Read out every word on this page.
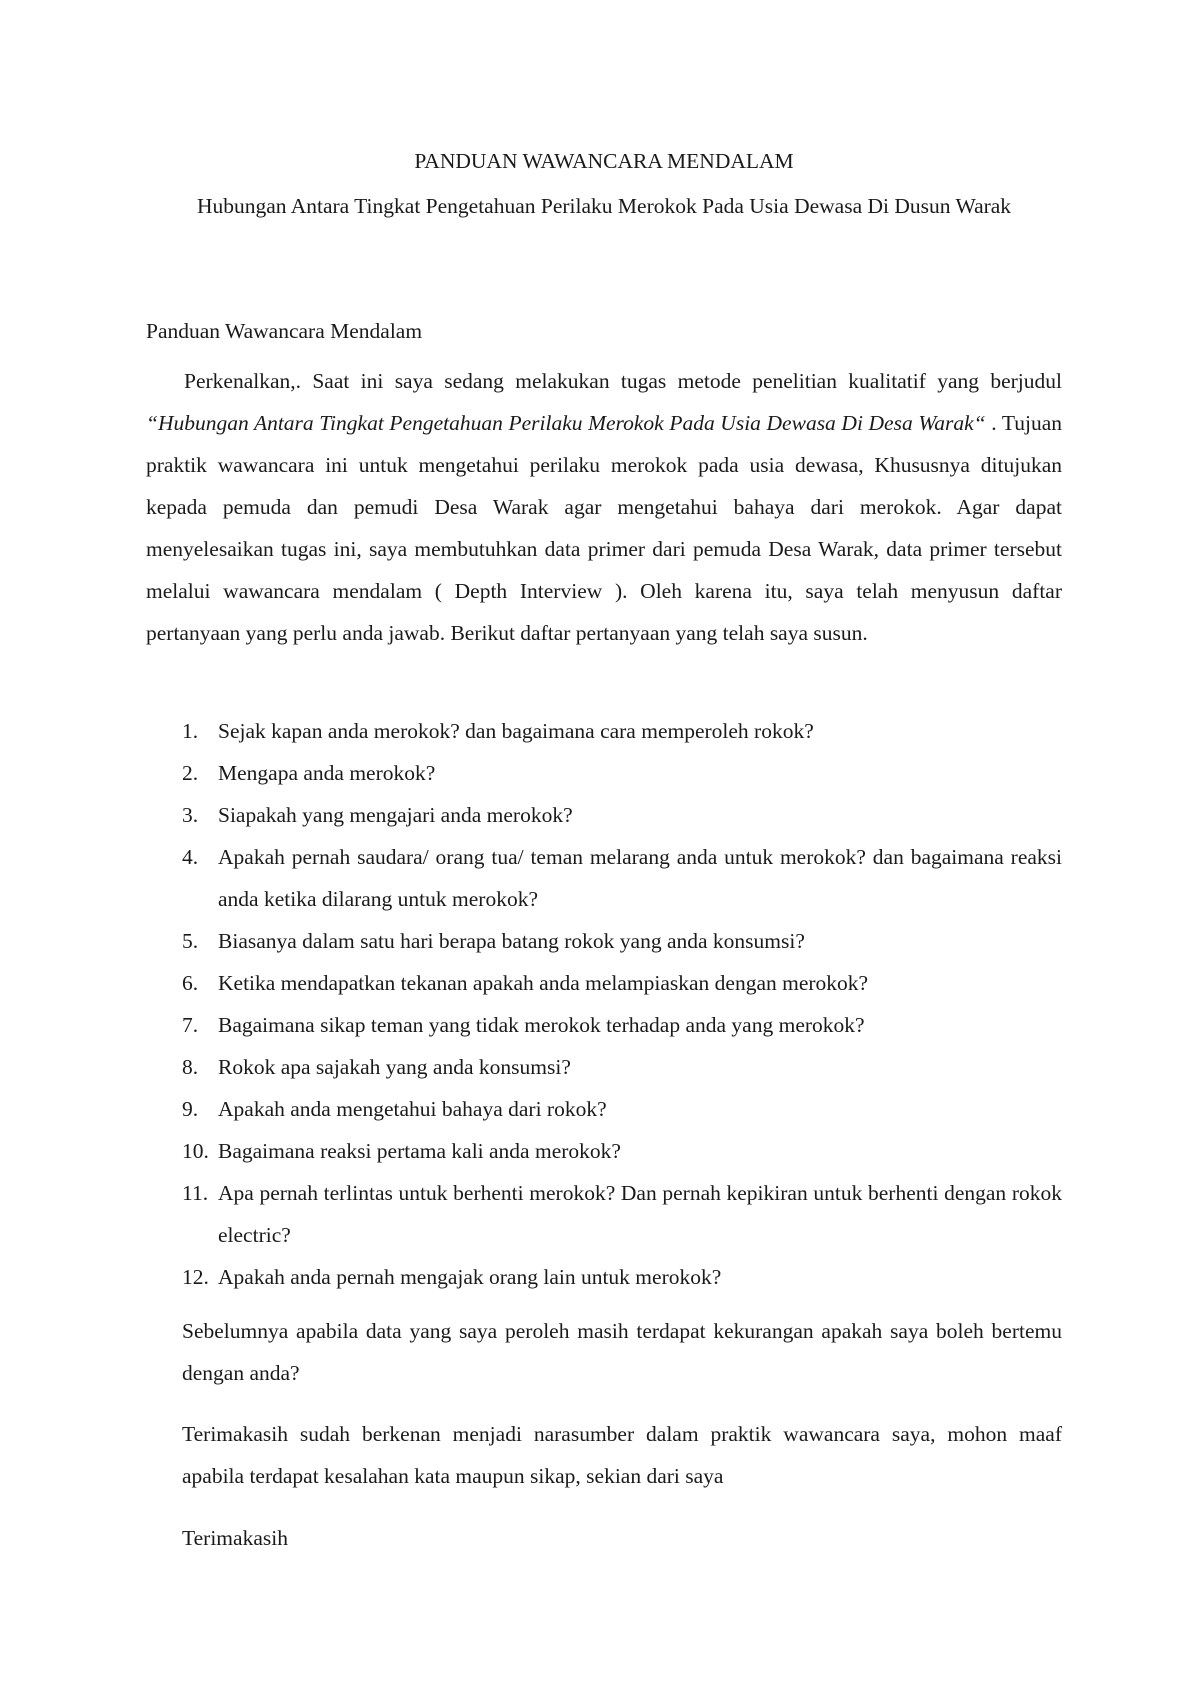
PANDUAN WAWANCARA MENDALAM

Hubungan Antara Tingkat Pengetahuan Perilaku Merokok Pada Usia Dewasa Di Dusun Warak

Panduan Wawancara Mendalam

Perkenalkan,. Saat ini saya sedang melakukan tugas metode penelitian kualitatif yang berjudul “Hubungan Antara Tingkat Pengetahuan Perilaku Merokok Pada Usia Dewasa Di Desa Warak“ . Tujuan praktik wawancara ini untuk mengetahui perilaku merokok pada usia dewasa, Khususnya ditujukan kepada pemuda dan pemudi Desa Warak agar mengetahui bahaya dari merokok. Agar dapat menyelesaikan tugas ini, saya membutuhkan data primer dari pemuda Desa Warak, data primer tersebut melalui wawancara mendalam ( Depth Interview ). Oleh karena itu, saya telah menyusun daftar pertanyaan yang perlu anda jawab. Berikut daftar pertanyaan yang telah saya susun.

1. Sejak kapan anda merokok? dan bagaimana cara memperoleh rokok?
2. Mengapa anda merokok?
3. Siapakah yang mengajari anda merokok?
4. Apakah pernah saudara/ orang tua/ teman melarang anda untuk merokok? dan bagaimana reaksi anda ketika dilarang untuk merokok?
5. Biasanya dalam satu hari berapa batang rokok yang anda konsumsi?
6. Ketika mendapatkan tekanan apakah anda melampiaskan dengan merokok?
7. Bagaimana sikap teman yang tidak merokok terhadap anda yang merokok?
8. Rokok apa sajakah yang anda konsumsi?
9. Apakah anda mengetahui bahaya dari rokok?
10. Bagaimana reaksi pertama kali anda merokok?
11. Apa pernah terlintas untuk berhenti merokok? Dan pernah kepikiran untuk berhenti dengan rokok electric?
12. Apakah anda pernah mengajak orang lain untuk merokok?

Sebelumnya apabila data yang saya peroleh masih terdapat kekurangan apakah saya boleh bertemu dengan anda?

Terimakasih sudah berkenan menjadi narasumber dalam praktik wawancara saya, mohon maaf apabila terdapat kesalahan kata maupun sikap, sekian dari saya

Terimakasih
